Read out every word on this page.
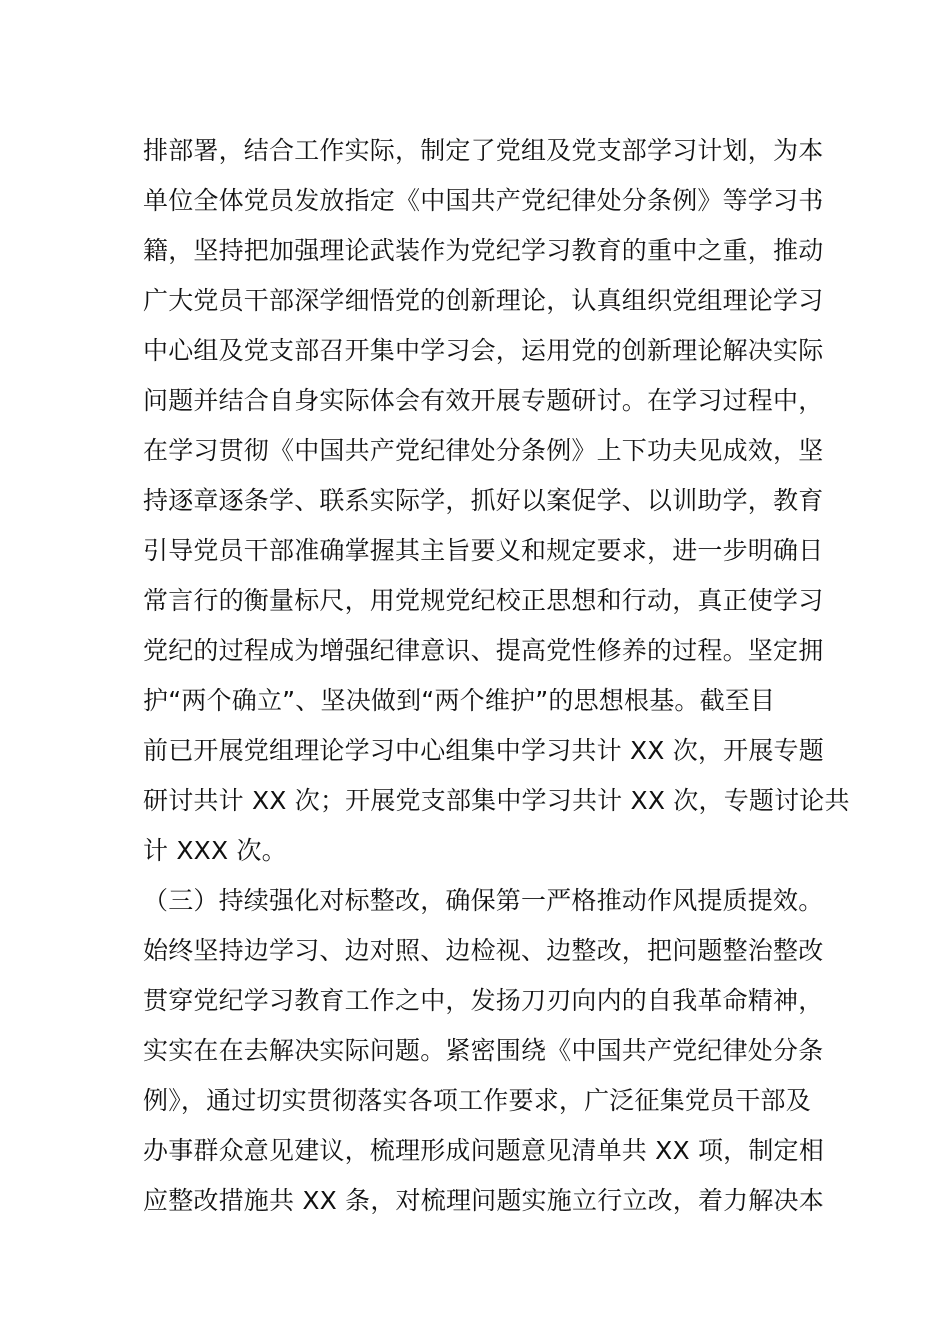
排部署，结合工作实际，制定了党组及党支部学习计划，为本
单位全体党员发放指定《中国共产党纪律处分条例》等学习书
籍，坚持把加强理论武装作为党纪学习教育的重中之重，推动
广大党员干部深学细悟党的创新理论，认真组织党组理论学习
中心组及党支部召开集中学习会，运用党的创新理论解决实际
问题并结合自身实际体会有效开展专题研讨。在学习过程中，
在学习贯彻《中国共产党纪律处分条例》上下功夫见成效，坚
持逐章逐条学、联系实际学，抓好以案促学、以训助学，教育
引导党员干部准确掌握其主旨要义和规定要求，进一步明确日
常言行的衡量标尺，用党规党纪校正思想和行动，真正使学习
党纪的过程成为增强纪律意识、提高党性修养的过程。坚定拥
护“两个确立”、坚决做到“两个维护”的思想根基。截至目
前已开展党组理论学习中心组集中学习共计 XX 次，开展专题
研讨共计 XX 次；开展党支部集中学习共计 XX 次，专题讨论共
计 XXX 次。
（三）持续强化对标整改，确保第一严格推动作风提质提效。
始终坚持边学习、边对照、边检视、边整改，把问题整治整改
贯穿党纪学习教育工作之中，发扬刀刃向内的自我革命精神，
实实在在去解决实际问题。紧密围绕《中国共产党纪律处分条
例》，通过切实贯彻落实各项工作要求，广泛征集党员干部及
办事群众意见建议，梳理形成问题意见清单共 XX 项，制定相
应整改措施共 XX 条，对梳理问题实施立行立改，着力解决本
